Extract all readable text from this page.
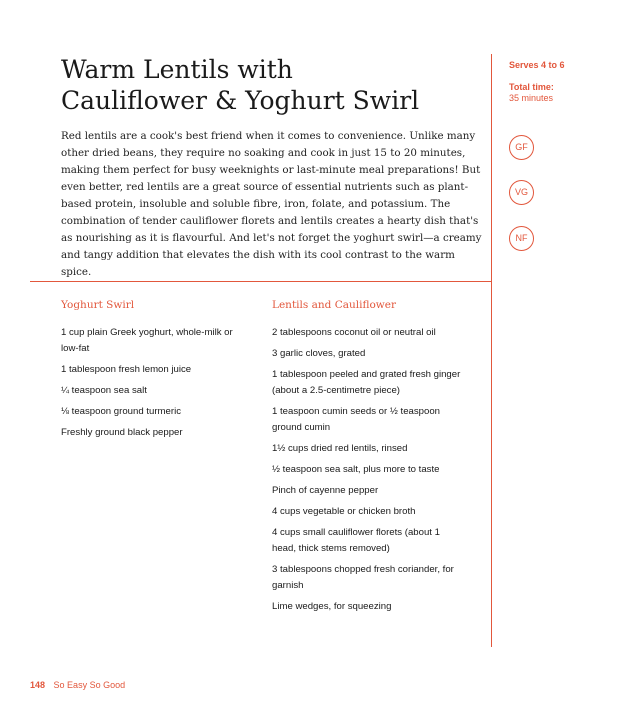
Warm Lentils with
Cauliflower & Yoghurt Swirl

Red lentils are a cook's best friend when it comes to convenience. Unlike many other dried beans, they require no soaking and cook in just 15 to 20 minutes, making them perfect for busy weeknights or last-minute meal preparations! But even better, red lentils are a great source of essential nutrients such as plant-based protein, insoluble and soluble fibre, iron, folate, and potassium. The combination of tender cauliflower florets and lentils creates a hearty dish that's as nourishing as it is flavourful. And let's not forget the yoghurt swirl—a creamy and tangy addition that elevates the dish with its cool contrast to the warm spice.

Serves 4 to 6

Total time:

35 minutes

GF
VG
NF

Yoghurt Swirl

1 cup plain Greek yoghurt, whole-milk or low-fat
1 tablespoon fresh lemon juice
¼ teaspoon sea salt
⅛ teaspoon ground turmeric
Freshly ground black pepper

Lentils and Cauliflower

2 tablespoons coconut oil or neutral oil
3 garlic cloves, grated
1 tablespoon peeled and grated fresh ginger (about a 2.5-centimetre piece)
1 teaspoon cumin seeds or ½ teaspoon ground cumin
1½ cups dried red lentils, rinsed
½ teaspoon sea salt, plus more to taste
Pinch of cayenne pepper
4 cups vegetable or chicken broth
4 cups small cauliflower florets (about 1 head, thick stems removed)
3 tablespoons chopped fresh coriander, for garnish
Lime wedges, for squeezing
148 So Easy So Good
